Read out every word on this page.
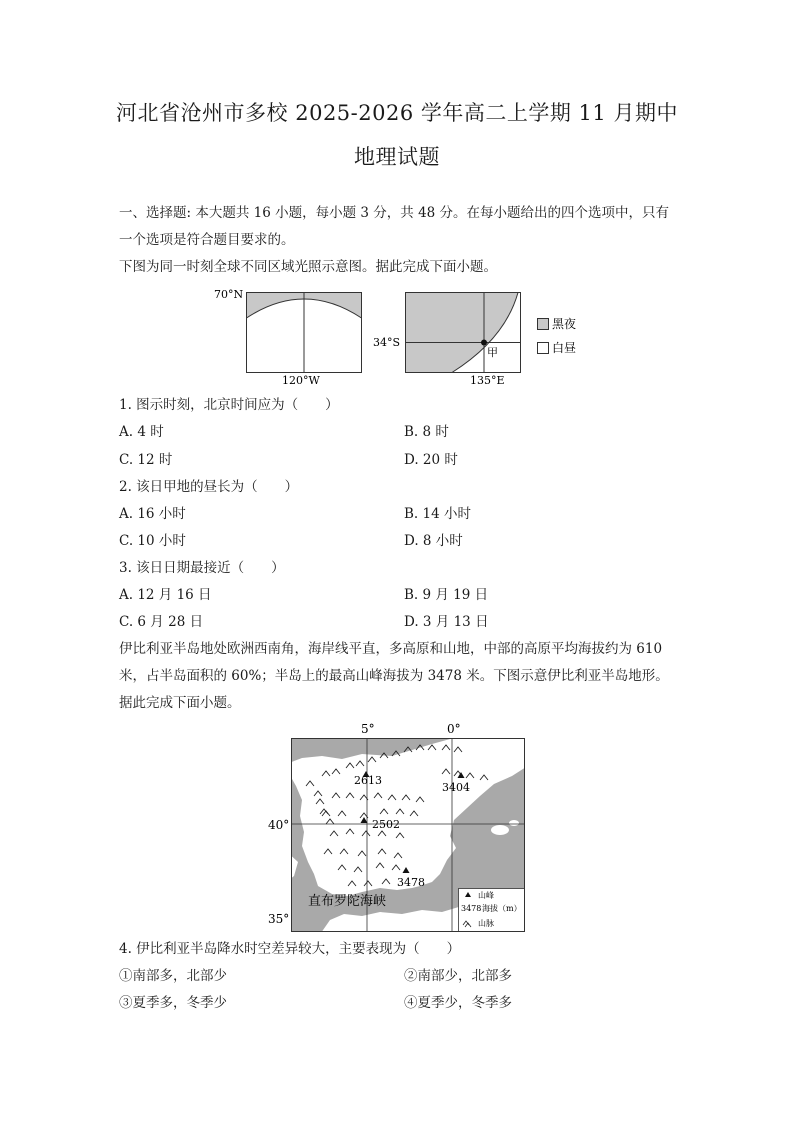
河北省沧州市多校 2025-2026 学年高二上学期 11 月期中
地理试题
一、选择题: 本大题共 16 小题，每小题 3 分，共 48 分。在每小题给出的四个选项中，只有
一个选项是符合题目要求的。
下图为同一时刻全球不同区域光照示意图。据此完成下面小题。
70°N
120°W
34°S
甲
135°E
黑夜
白昼
1. 图示时刻，北京时间应为（　　）
A. 4 时	B. 8 时
C. 12 时	D. 20 时
2. 该日甲地的昼长为（　　）
A. 16 小时	B. 14 小时
C. 10 小时	D. 8 小时
3. 该日日期最接近（　　）
A. 12 月 16 日	B. 9 月 19 日
C. 6 月 28 日	D. 3 月 13 日
伊比利亚半岛地处欧洲西南角，海岸线平直，多高原和山地，中部的高原平均海拔约为 610
米，占半岛面积的 60%；半岛上的最高山峰海拔为 3478 米。下图示意伊比利亚半岛地形。
据此完成下面小题。
5°	0°
40°
35°
2613
3404
2502
3478
直布罗陀海峡	山峰
3478 海拔（m）
山脉
4. 伊比利亚半岛降水时空差异较大，主要表现为（　　）
①南部多，北部少	②南部少，北部多
③夏季多，冬季少	④夏季少，冬季多
